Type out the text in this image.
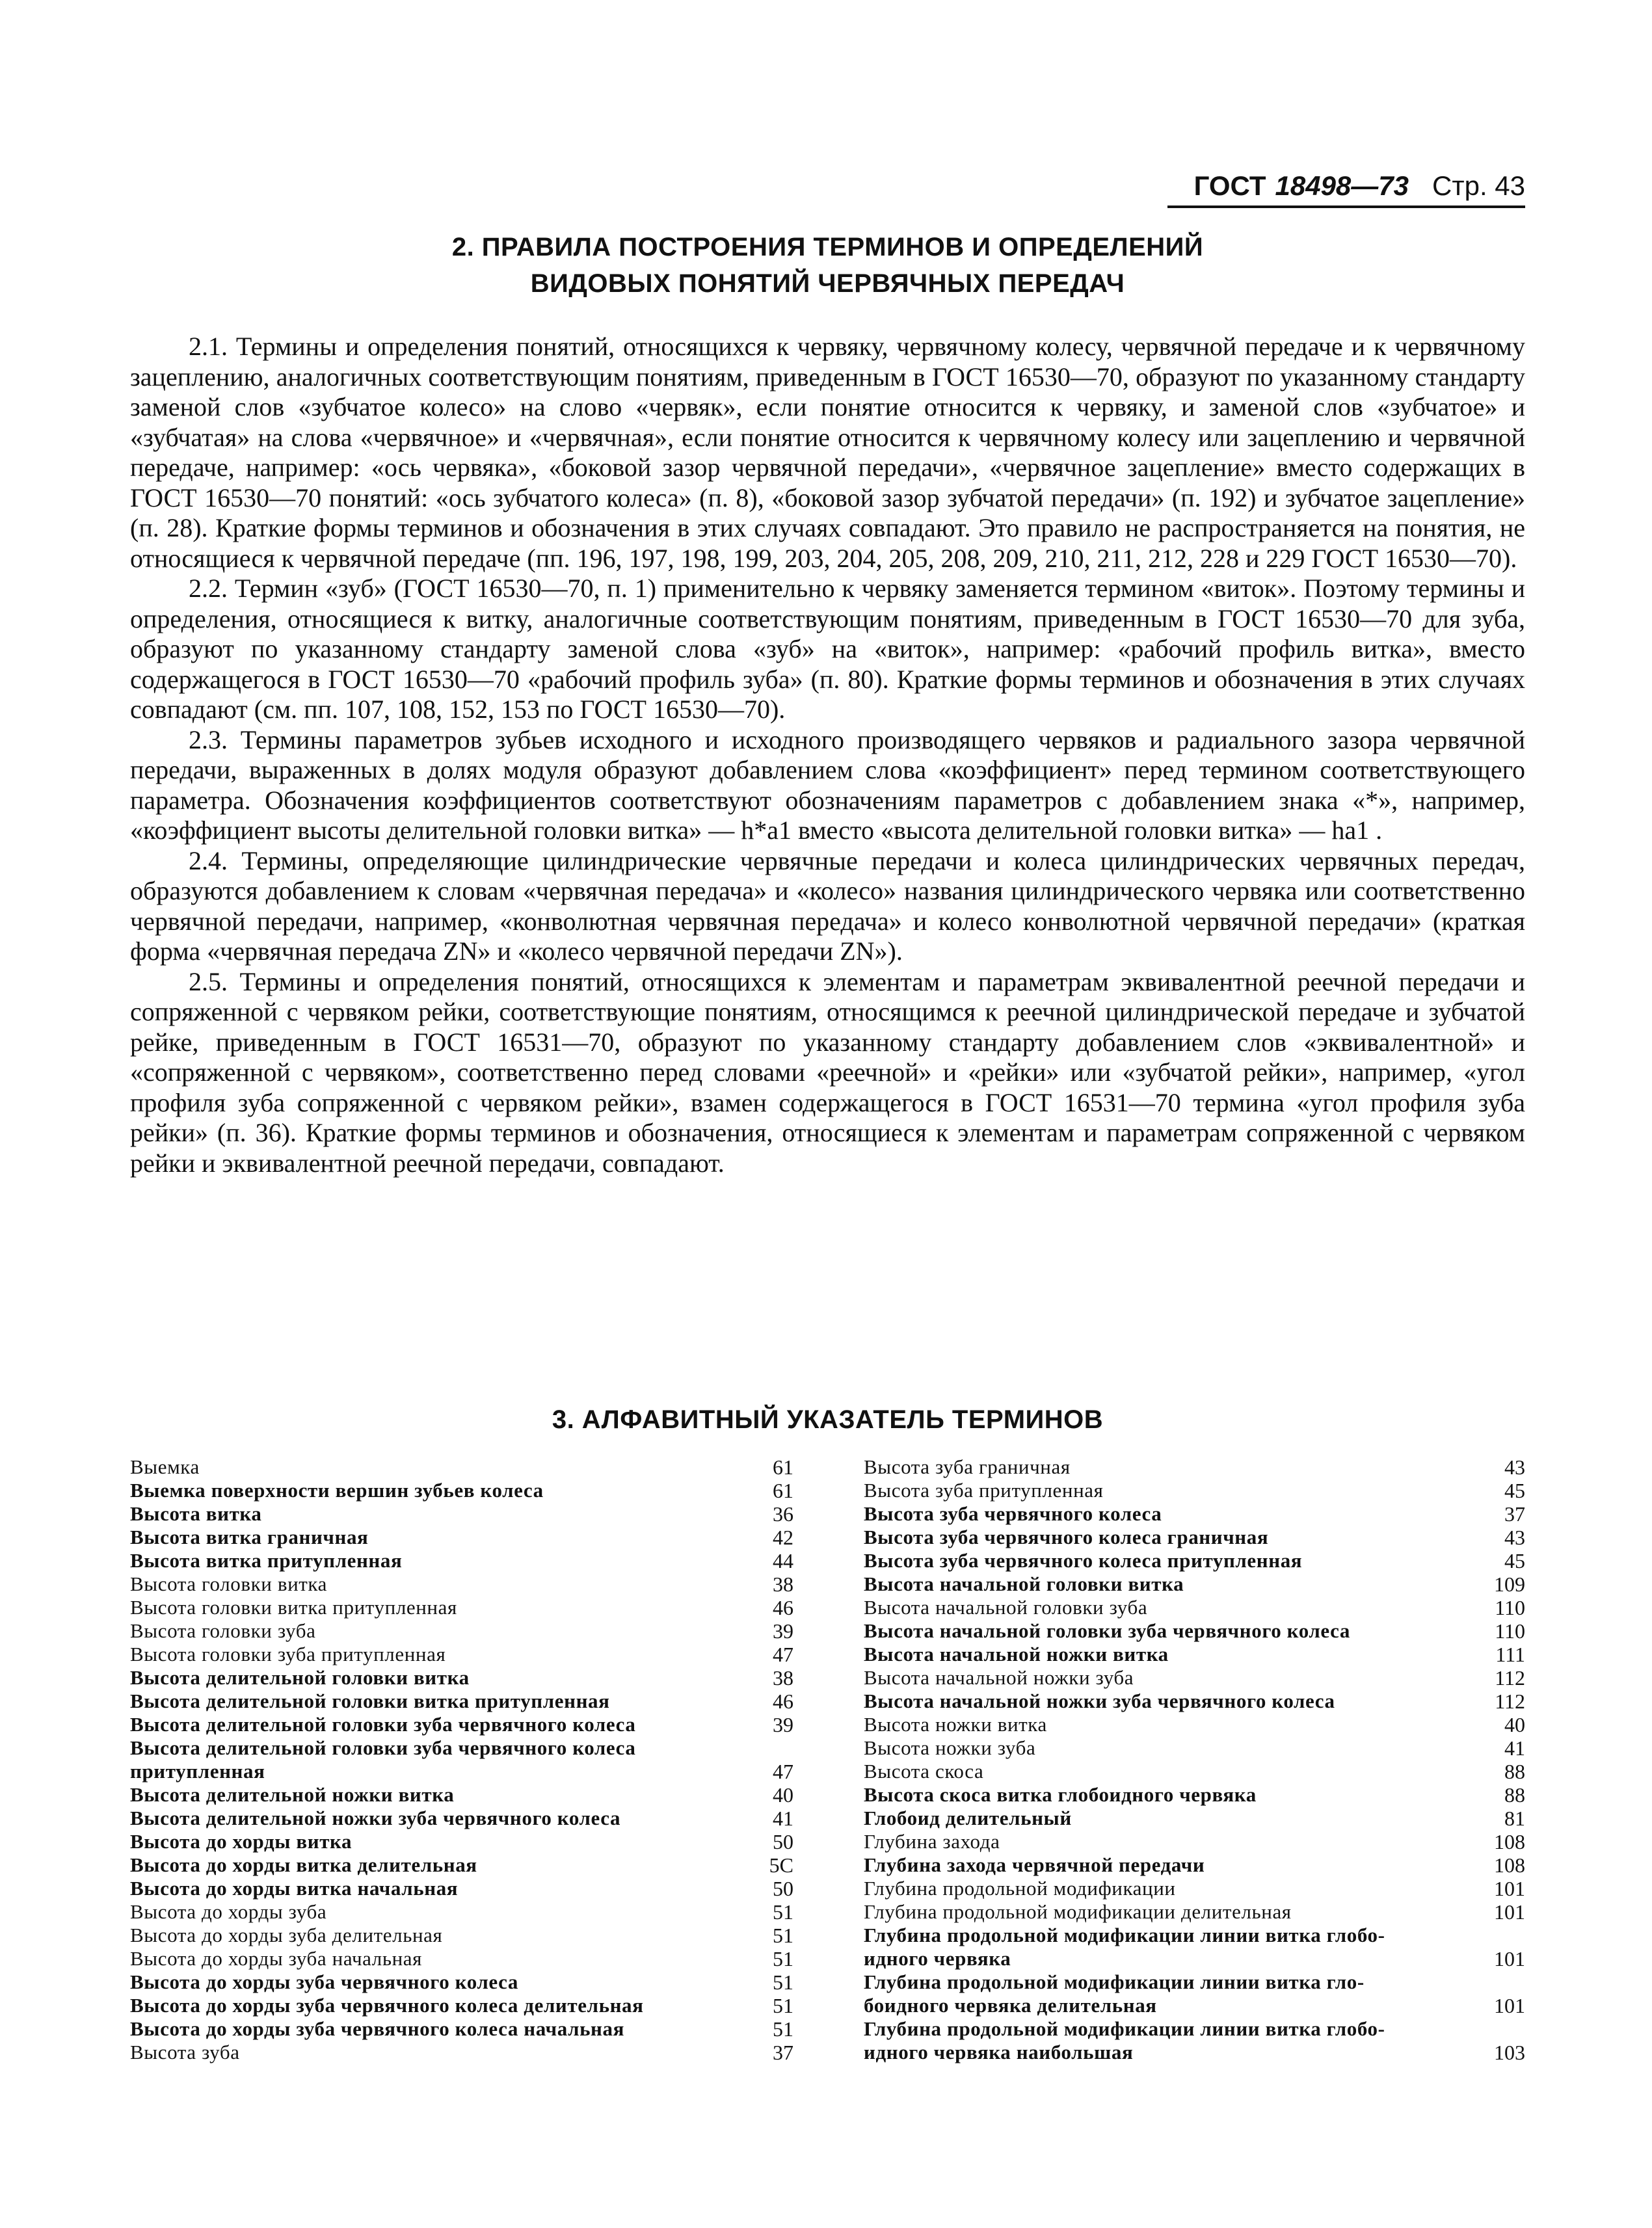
ГОСТ 18498—73 Стр. 43
2. ПРАВИЛА ПОСТРОЕНИЯ ТЕРМИНОВ И ОПРЕДЕЛЕНИЙ
ВИДОВЫХ ПОНЯТИЙ ЧЕРВЯЧНЫХ ПЕРЕДАЧ

2.1. Термины и определения понятий, относящихся к червяку, червячному колесу, червячной передаче и к червячному зацеплению, аналогичных соответствующим понятиям, приведенным в ГОСТ 16530—70, образуют по указанному стандарту заменой слов «зубчатое колесо» на слово «червяк», если понятие относится к червяку, и заменой слов «зубчатое» и «зубчатая» на слова «червячное» и «червячная», если понятие относится к червячному колесу или зацеплению и червячной передаче, например: «ось червяка», «боковой зазор червячной передачи», «червячное зацепление» вместо содержащих в ГОСТ 16530—70 понятий: «ось зубчатого колеса» (п. 8), «боковой зазор зубчатой передачи» (п. 192) и зубчатое зацепление» (п. 28). Краткие формы терминов и обозначения в этих случаях совпадают. Это правило не распространяется на понятия, не относящиеся к червячной передаче (пп. 196, 197, 198, 199, 203, 204, 205, 208, 209, 210, 211, 212, 228 и 229 ГОСТ 16530—70).

2.2. Термин «зуб» (ГОСТ 16530—70, п. 1) применительно к червяку заменяется термином «виток». Поэтому термины и определения, относящиеся к витку, аналогичные соответствующим понятиям, приведенным в ГОСТ 16530—70 для зуба, образуют по указанному стандарту заменой слова «зуб» на «виток», например: «рабочий профиль витка», вместо содержащегося в ГОСТ 16530—70 «рабочий профиль зуба» (п. 80). Краткие формы терминов и обозначения в этих случаях совпадают (см. пп. 107, 108, 152, 153 по ГОСТ 16530—70).

2.3. Термины параметров зубьев исходного и исходного производящего червяков и радиального зазора червячной передачи, выраженных в долях модуля образуют добавлением слова «коэффициент» перед термином соответствующего параметра. Обозначения коэффициентов соответствуют обозначениям параметров с добавлением знака «*», например, «коэффициент высоты делительной головки витка» — h*a1 вместо «высота делительной головки витка» — ha1 .

2.4. Термины, определяющие цилиндрические червячные передачи и колеса цилиндрических червячных передач, образуются добавлением к словам «червячная передача» и «колесо» названия цилиндрического червяка или соответственно червячной передачи, например, «конволютная червячная передача» и колесо конволютной червячной передачи» (краткая форма «червячная передача ZN» и «колесо червячной передачи ZN»).

2.5. Термины и определения понятий, относящихся к элементам и параметрам эквивалентной реечной передачи и сопряженной с червяком рейки, соответствующие понятиям, относящимся к реечной цилиндрической передаче и зубчатой рейке, приведенным в ГОСТ 16531—70, образуют по указанному стандарту добавлением слов «эквивалентной» и «сопряженной с червяком», соответственно перед словами «реечной» и «рейки» или «зубчатой рейки», например, «угол профиля зуба сопряженной с червяком рейки», взамен содержащегося в ГОСТ 16531—70 термина «угол профиля зуба рейки» (п. 36). Краткие формы терминов и обозначения, относящиеся к элементам и параметрам сопряженной с червяком рейки и эквивалентной реечной передачи, совпадают.

3. АЛФАВИТНЫЙ УКАЗАТЕЛЬ ТЕРМИНОВ
Выемка	61
Выемка поверхности вершин зубьев колеса	61
Высота витка	36
Высота витка граничная	42
Высота витка притупленная	44
Высота головки витка	38
Высота головки витка притупленная	46
Высота головки зуба	39
Высота головки зуба притупленная	47
Высота делительной головки витка	38
Высота делительной головки витка притупленная	46
Высота делительной головки зуба червячного колеса	39
Высота делительной головки зуба червячного колеса
притупленная	47
Высота делительной ножки витка	40
Высота делительной ножки зуба червячного колеса	41
Высота до хорды витка	50
Высота до хорды витка делительная	5С
Высота до хорды витка начальная	50
Высота до хорды зуба	51
Высота до хорды зуба делительная	51
Высота до хорды зуба начальная	51
Высота до хорды зуба червячного колеса	51
Высота до хорды зуба червячного колеса делительная	51
Высота до хорды зуба червячного колеса начальная	51
Высота зуба	37
Высота зуба граничная	43
Высота зуба притупленная	45
Высота зуба червячного колеса	37
Высота зуба червячного колеса граничная	43
Высота зуба червячного колеса притупленная	45
Высота начальной головки витка	109
Высота начальной головки зуба	110
Высота начальной головки зуба червячного колеса	110
Высота начальной ножки витка	111
Высота начальной ножки зуба	112
Высота начальной ножки зуба червячного колеса	112
Высота ножки витка	40
Высота ножки зуба	41
Высота скоса	88
Высота скоса витка глобоидного червяка	88
Глобоид делительный	81
Глубина захода	108
Глубина захода червячной передачи	108
Глубина продольной модификации	101
Глубина продольной модификации делительная	101
Глубина продольной модификации линии витка глобо-
идного червяка	101
Глубина продольной модификации линии витка гло-
боидного червяка делительная	101
Глубина продольной модификации линии витка глобо-
идного червяка наибольшая	103
